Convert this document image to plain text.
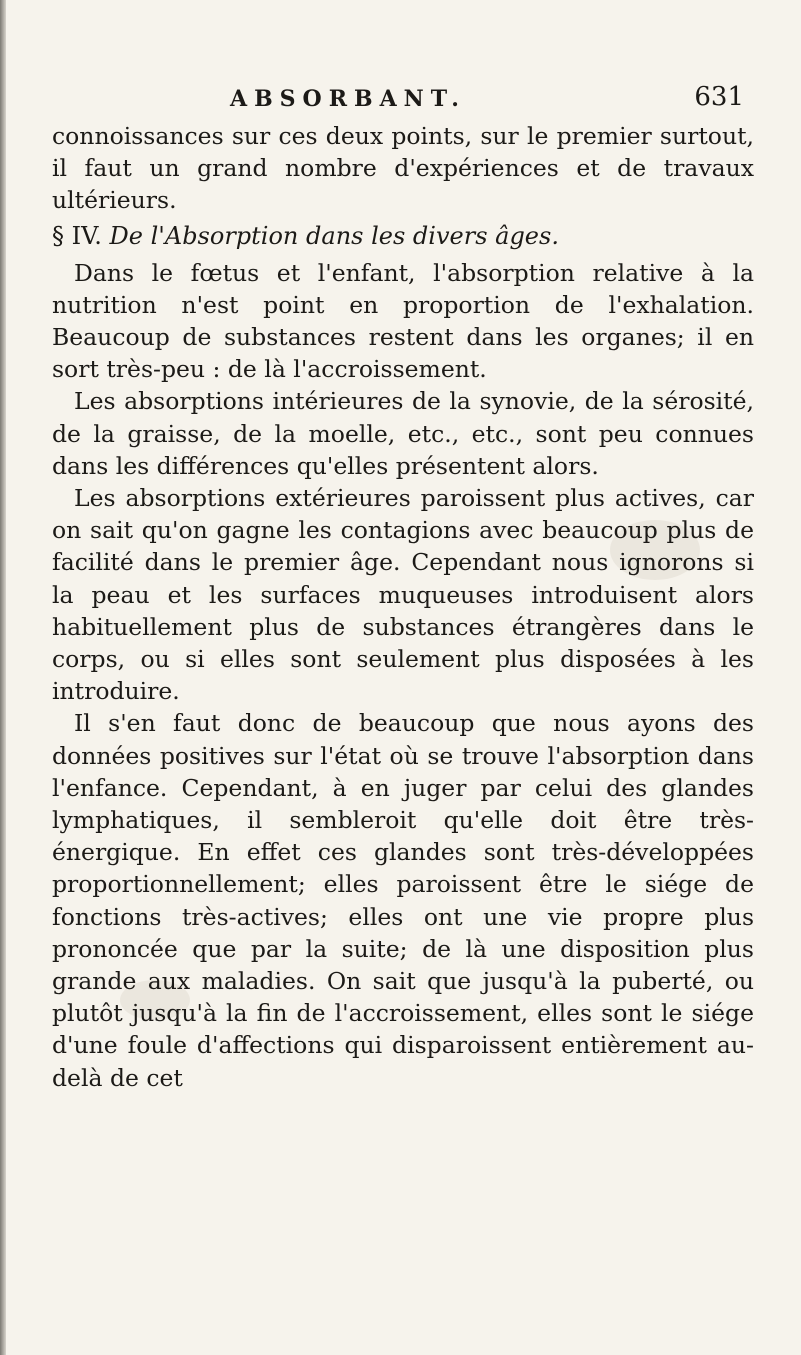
ABSORBANT.	631

connoissances sur ces deux points, sur le premier surtout, il faut un grand nombre d'expériences et de travaux ultérieurs.

§ IV. De l'Absorption dans les divers âges.

Dans le fœtus et l'enfant, l'absorption relative à la nutrition n'est point en proportion de l'exhalation. Beaucoup de substances restent dans les organes; il en sort très-peu : de là l'accroissement.

Les absorptions intérieures de la synovie, de la sérosité, de la graisse, de la moelle, etc., etc., sont peu connues dans les différences qu'elles présentent alors.

Les absorptions extérieures paroissent plus actives, car on sait qu'on gagne les contagions avec beaucoup plus de facilité dans le premier âge. Cependant nous ignorons si la peau et les surfaces muqueuses introduisent alors habituellement plus de substances étrangères dans le corps, ou si elles sont seulement plus disposées à les introduire.

Il s'en faut donc de beaucoup que nous ayons des données positives sur l'état où se trouve l'absorption dans l'enfance. Cependant, à en juger par celui des glandes lymphatiques, il sembleroit qu'elle doit être très-énergique. En effet ces glandes sont très-développées proportionnellement; elles paroissent être le siége de fonctions très-actives; elles ont une vie propre plus prononcée que par la suite; de là une disposition plus grande aux maladies. On sait que jusqu'à la puberté, ou plutôt jusqu'à la fin de l'accroissement, elles sont le siége d'une foule d'affections qui disparoissent entièrement au-delà de cet
